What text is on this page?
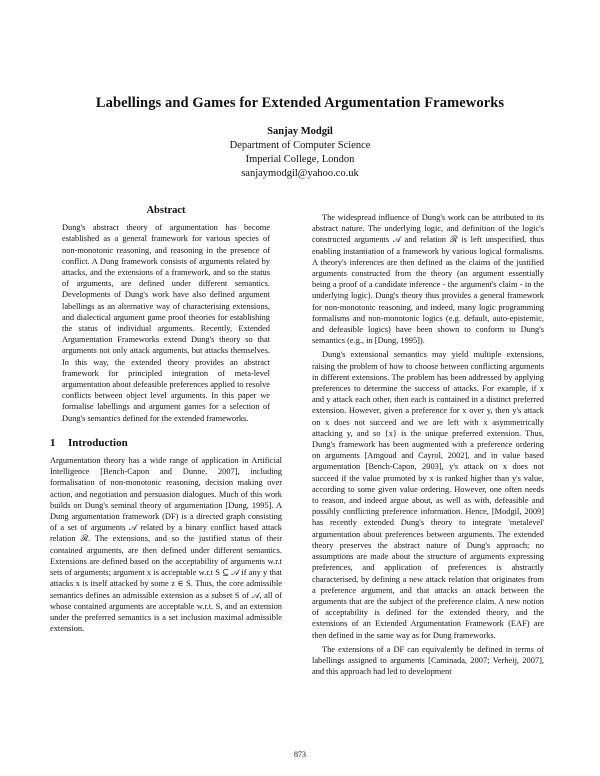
Labellings and Games for Extended Argumentation Frameworks
Sanjay Modgil
Department of Computer Science
Imperial College, London
sanjaymodgil@yahoo.co.uk
Abstract

Dung's abstract theory of argumentation has become established as a general framework for various species of non-monotonic reasoning, and reasoning in the presence of conflict. A Dung framework consists of arguments related by attacks, and the extensions of a framework, and so the status of arguments, are defined under different semantics. Developments of Dung's work have also defined argument labellings as an alternative way of characterising extensions, and dialectical argument game proof theories for establishing the status of individual arguments. Recently, Extended Argumentation Frameworks extend Dung's theory so that arguments not only attack arguments, but attacks themselves. In this way, the extended theory provides an abstract framework for principled integration of meta-level argumentation about defeasible preferences applied to resolve conflicts between object level arguments. In this paper we formalise labellings and argument games for a selection of Dung's semantics defined for the extended frameworks.

1 Introduction

Argumentation theory has a wide range of application in Artificial Intelligence [Bench-Capon and Dunne, 2007], including formalisation of non-monotonic reasoning, decision making over action, and negotiation and persuasion dialogues. Much of this work builds on Dung's seminal theory of argumentation [Dung, 1995]. A Dung argumentation framework (DF) is a directed graph consisting of a set of arguments 𝒜 related by a binary conflict based attack relation ℛ. The extensions, and so the justified status of their contained arguments, are then defined under different semantics. Extensions are defined based on the acceptability of arguments w.r.t sets of arguments; argument x is acceptable w.r.t S ⊆ 𝒜 if any y that attacks x is itself attacked by some z ∈ S. Thus, the core admissible semantics defines an admissible extension as a subset S of 𝒜, all of whose contained arguments are acceptable w.r.t. S, and an extension under the preferred semantics is a set inclusion maximal admissible extension.

The widespread influence of Dung's work can be attributed to its abstract nature. The underlying logic, and definition of the logic's constructed arguments 𝒜 and relation ℛ is left unspecified, thus enabling instantiation of a framework by various logical formalisms. A theory's inferences are then defined as the claims of the justified arguments constructed from the theory (an argument essentially being a proof of a candidate inference - the argument's claim - in the underlying logic). Dung's theory thus provides a general framework for non-monotonic reasoning, and indeed, many logic programming formalisms and non-monotonic logics (e.g. default, auto-epistemic, and defeasible logics) have been shown to conform to Dung's semantics (e.g., in [Dung, 1995]).

Dung's extensional semantics may yield multiple extensions, raising the problem of how to choose between conflicting arguments in different extensions. The problem has been addressed by applying preferences to determine the success of attacks. For example, if x and y attack each other, then each is contained in a distinct preferred extension. However, given a preference for x over y, then y's attack on x does not succeed and we are left with x asymmetrically attacking y, and so {x} is the unique preferred extension. Thus, Dung's framework has been augmented with a preference ordering on arguments [Amgoud and Cayrol, 2002], and in value based argumentation [Bench-Capon, 2003], y's attack on x does not succeed if the value promoted by x is ranked higher than y's value, according to some given value ordering. However, one often needs to reason, and indeed argue about, as well as with, defeasible and possibly conflicting preference information. Hence, [Modgil, 2009] has recently extended Dung's theory to integrate 'metalevel' argumentation about preferences between arguments. The extended theory preserves the abstract nature of Dung's approach; no assumptions are made about the structure of arguments expressing preferences, and application of preferences is abstractly characterised, by defining a new attack relation that originates from a preference argument, and that attacks an attack between the arguments that are the subject of the preference claim. A new notion of acceptability is defined for the extended theory, and the extensions of an Extended Argumentation Framework (EAF) are then defined in the same way as for Dung frameworks.

The extensions of a DF can equivalently be defined in terms of labellings assigned to arguments [Caminada, 2007; Verheij, 2007], and this approach had led to development

873
